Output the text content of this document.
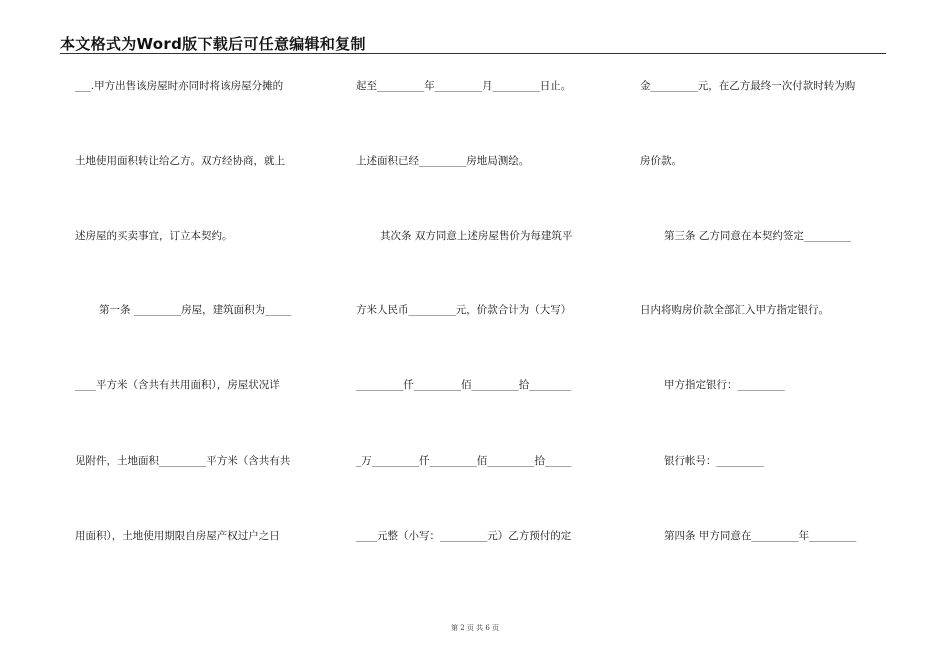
本文格式为Word版下载后可任意编辑和复制
___.甲方出售该房屋时亦同时将该房屋分摊的
土地使用面积转让给乙方。双方经协商，就上
述房屋的买卖事宜，订立本契约。
第一条 _________房屋，建筑面积为_____
____平方米（含共有共用面积），房屋状况详
见附件，土地面积_________平方米（含共有共
用面积），土地使用期限自房屋产权过户之日
起至_________年_________月_________日止。
上述面积已经_________房地局测绘。
其次条 双方同意上述房屋售价为每建筑平
方米人民币_________元，价款合计为（大写）
_________仟_________佰_________拾________
_万_________仟_________佰_________拾_____
____元整（小写：_________元）乙方预付的定
金_________元，在乙方最终一次付款时转为购
房价款。
第三条 乙方同意在本契约签定_________
日内将购房价款全部汇入甲方指定银行。
甲方指定银行：_________
银行帐号：_________
第四条 甲方同意在_________年_________
第 2 页 共 6 页
